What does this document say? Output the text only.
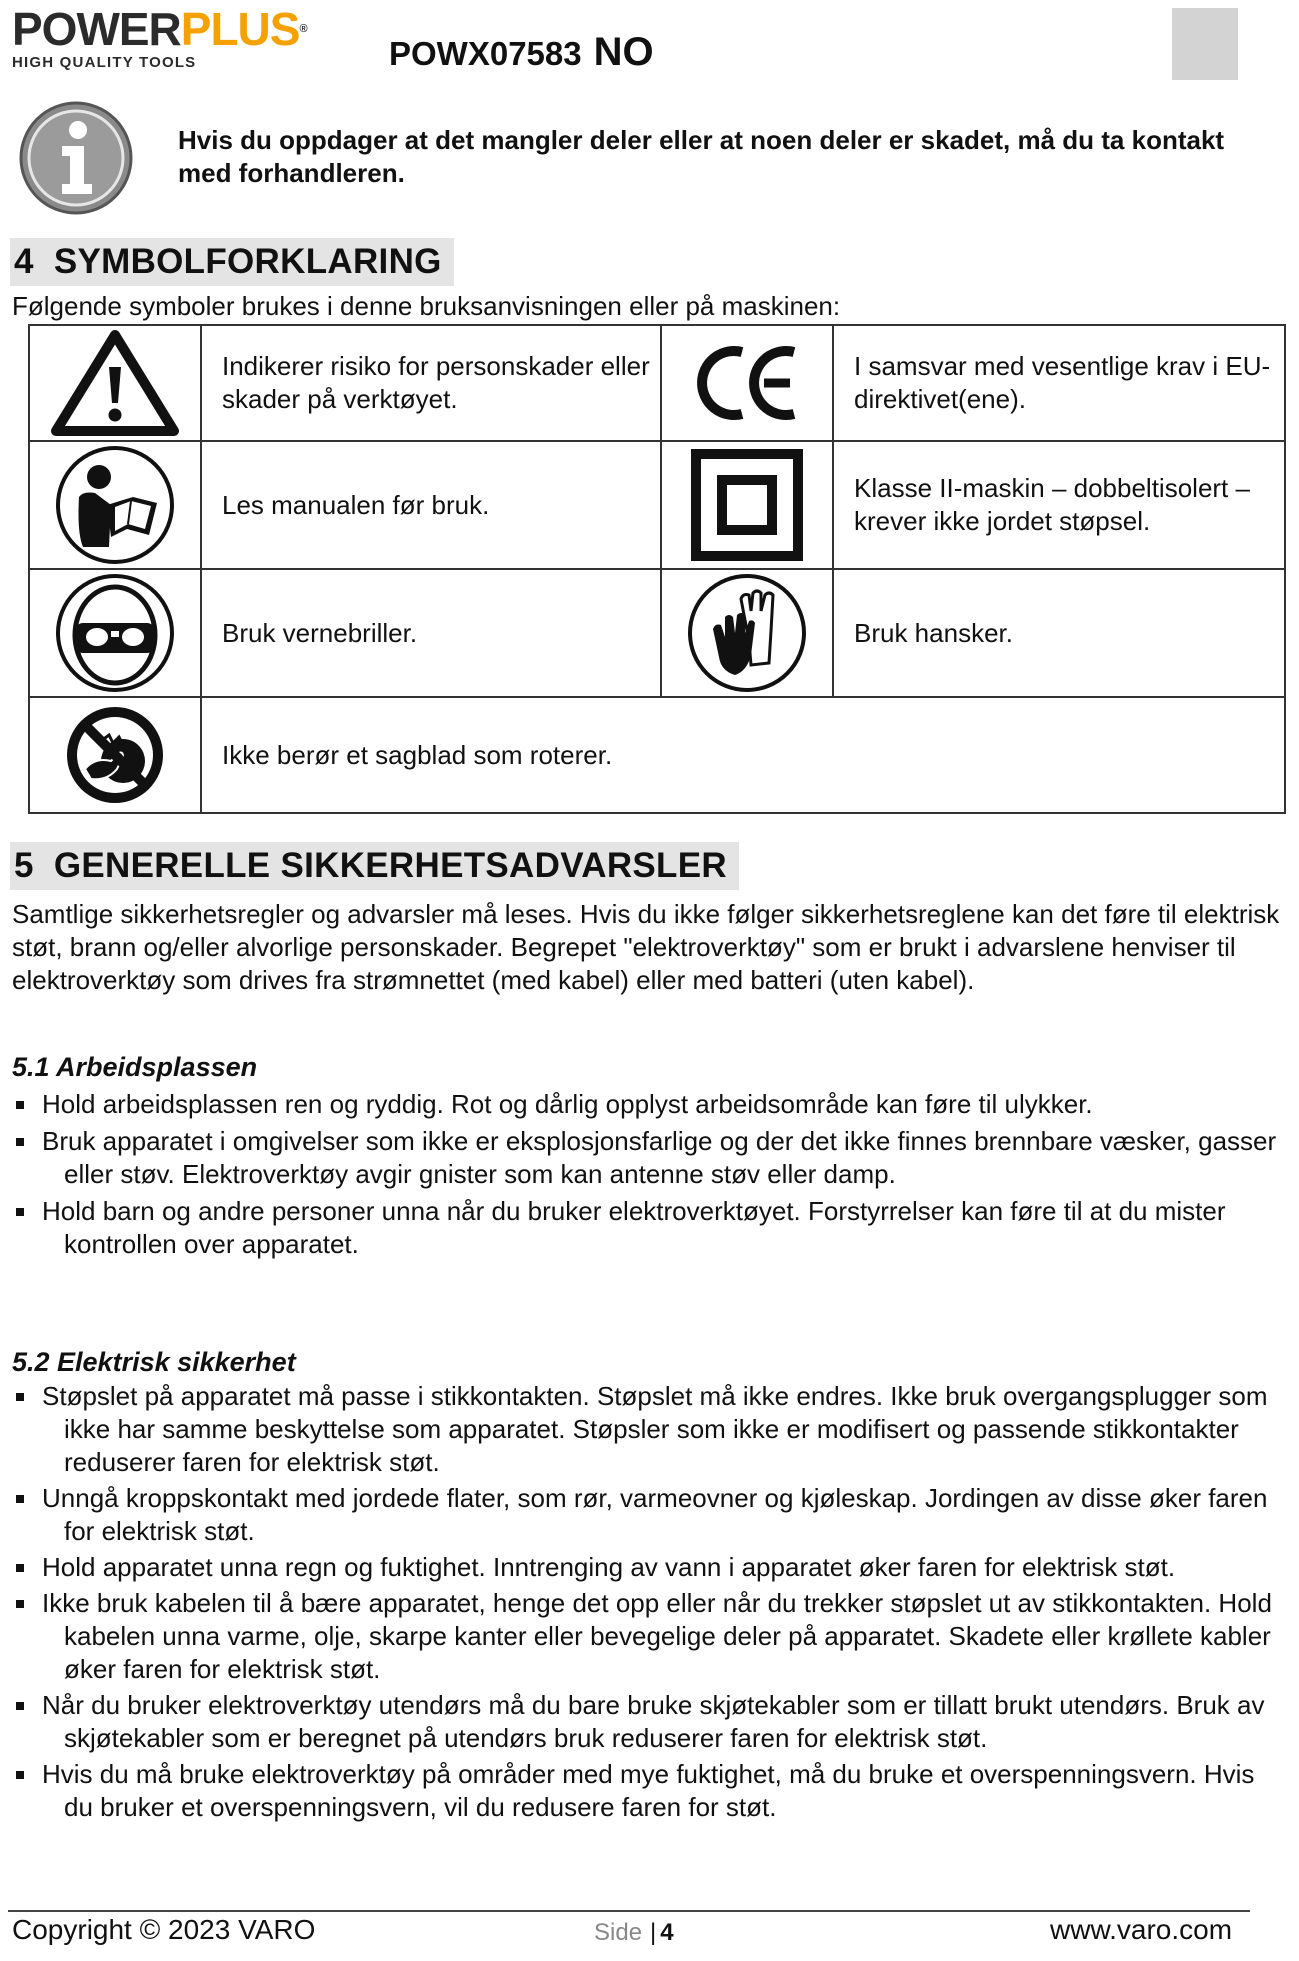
POWERPLUS®
HIGH QUALITY TOOLS	POWX07583 NO
Hvis du oppdager at det mangler deler eller at noen deler er skadet, må du ta kontakt med forhandleren.
4 SYMBOLFORKLARING
Følgende symboler brukes i denne bruksanvisningen eller på maskinen:
	Indikerer risiko for personskader eller skader på verktøyet.		I samsvar med vesentlige krav i EU-direktivet(ene).

	Les manualen før bruk.		Klasse II-maskin – dobbeltisolert – krever ikke jordet støpsel.

	Bruk vernebriller.		Bruk hansker.

	Ikke berør et sagblad som roterer.		
5 GENERELLE SIKKERHETSADVARSLER
Samtlige sikkerhetsregler og advarsler må leses. Hvis du ikke følger sikkerhetsreglene kan det føre til elektrisk støt, brann og/eller alvorlige personskader. Begrepet "elektroverktøy" som er brukt i advarslene henviser til elektroverktøy som drives fra strømnettet (med kabel) eller med batteri (uten kabel).
5.1 Arbeidsplassen
Hold arbeidsplassen ren og ryddig. Rot og dårlig opplyst arbeidsområde kan føre til ulykker.
Bruk apparatet i omgivelser som ikke er eksplosjonsfarlige og der det ikke finnes brennbare væsker, gasser eller støv. Elektroverktøy avgir gnister som kan antenne støv eller damp.
Hold barn og andre personer unna når du bruker elektroverktøyet. Forstyrrelser kan føre til at du mister kontrollen over apparatet.
5.2 Elektrisk sikkerhet
Støpslet på apparatet må passe i stikkontakten. Støpslet må ikke endres. Ikke bruk overgangsplugger som ikke har samme beskyttelse som apparatet. Støpsler som ikke er modifisert og passende stikkontakter reduserer faren for elektrisk støt.
Unngå kroppskontakt med jordede flater, som rør, varmeovner og kjøleskap. Jordingen av disse øker faren for elektrisk støt.
Hold apparatet unna regn og fuktighet. Inntrenging av vann i apparatet øker faren for elektrisk støt.
Ikke bruk kabelen til å bære apparatet, henge det opp eller når du trekker støpslet ut av stikkontakten. Hold kabelen unna varme, olje, skarpe kanter eller bevegelige deler på apparatet. Skadete eller krøllete kabler øker faren for elektrisk støt.
Når du bruker elektroverktøy utendørs må du bare bruke skjøtekabler som er tillatt brukt utendørs. Bruk av skjøtekabler som er beregnet på utendørs bruk reduserer faren for elektrisk støt.
Hvis du må bruke elektroverktøy på områder med mye fuktighet, må du bruke et overspenningsvern. Hvis du bruker et overspenningsvern, vil du redusere faren for støt.
Copyright © 2023 VARO	Side | 4	www.varo.com
